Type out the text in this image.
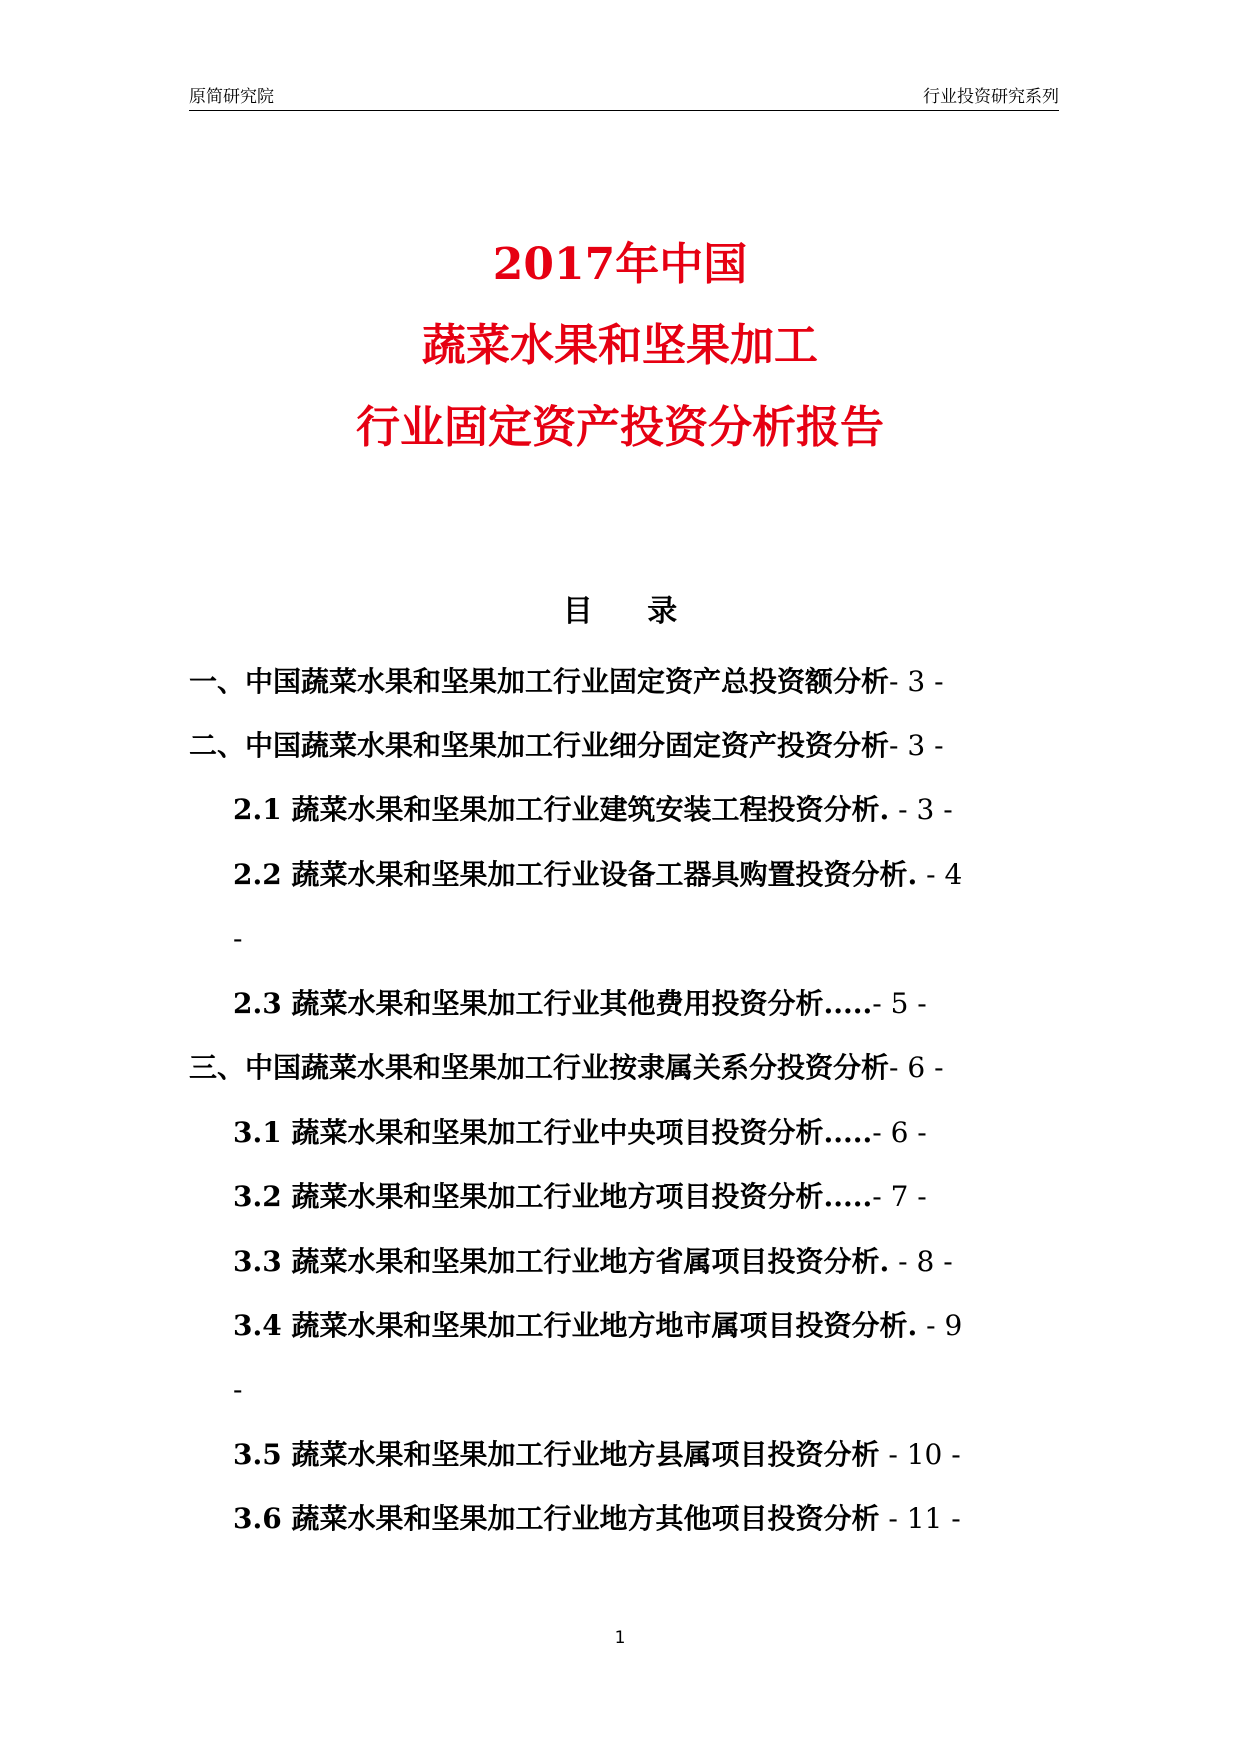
原简研究院	行业投资研究系列
2017年中国
蔬菜水果和坚果加工
行业固定资产投资分析报告
目 录
一、中国蔬菜水果和坚果加工行业固定资产总投资额分析- 3 -
二、中国蔬菜水果和坚果加工行业细分固定资产投资分析- 3 -
2.1 蔬菜水果和坚果加工行业建筑安装工程投资分析. - 3 -
2.2 蔬菜水果和坚果加工行业设备工器具购置投资分析. - 4
-
2.3 蔬菜水果和坚果加工行业其他费用投资分析.....- 5 -
三、中国蔬菜水果和坚果加工行业按隶属关系分投资分析- 6 -
3.1 蔬菜水果和坚果加工行业中央项目投资分析.....- 6 -
3.2 蔬菜水果和坚果加工行业地方项目投资分析.....- 7 -
3.3 蔬菜水果和坚果加工行业地方省属项目投资分析. - 8 -
3.4 蔬菜水果和坚果加工行业地方地市属项目投资分析. - 9
-
3.5 蔬菜水果和坚果加工行业地方县属项目投资分析 - 10 -
3.6 蔬菜水果和坚果加工行业地方其他项目投资分析 - 11 -
1
